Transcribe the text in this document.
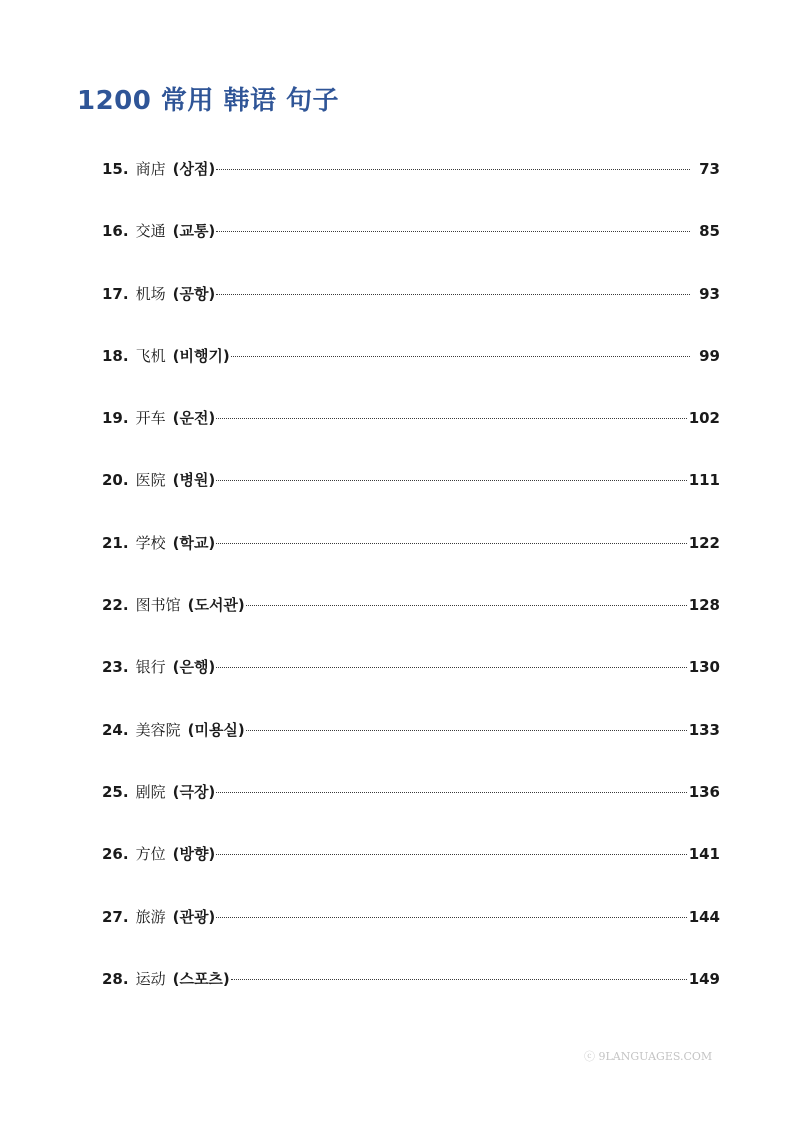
1200 常用 韩语 句子
15. 商店 (상점)	73
16. 交通 (교통)	85
17. 机场 (공항)	93
18. 飞机 (비행기)	99
19. 开车 (운전)	102
20. 医院 (병원)	111
21. 学校 (학교)	122
22. 图书馆 (도서관)	128
23. 银行 (은행)	130
24. 美容院 (미용실)	133
25. 剧院 (극장)	136
26. 方位 (방향)	141
27. 旅游 (관광)	144
28. 运动 (스포츠)	149
ⓒ 9LANGUAGES.COM
